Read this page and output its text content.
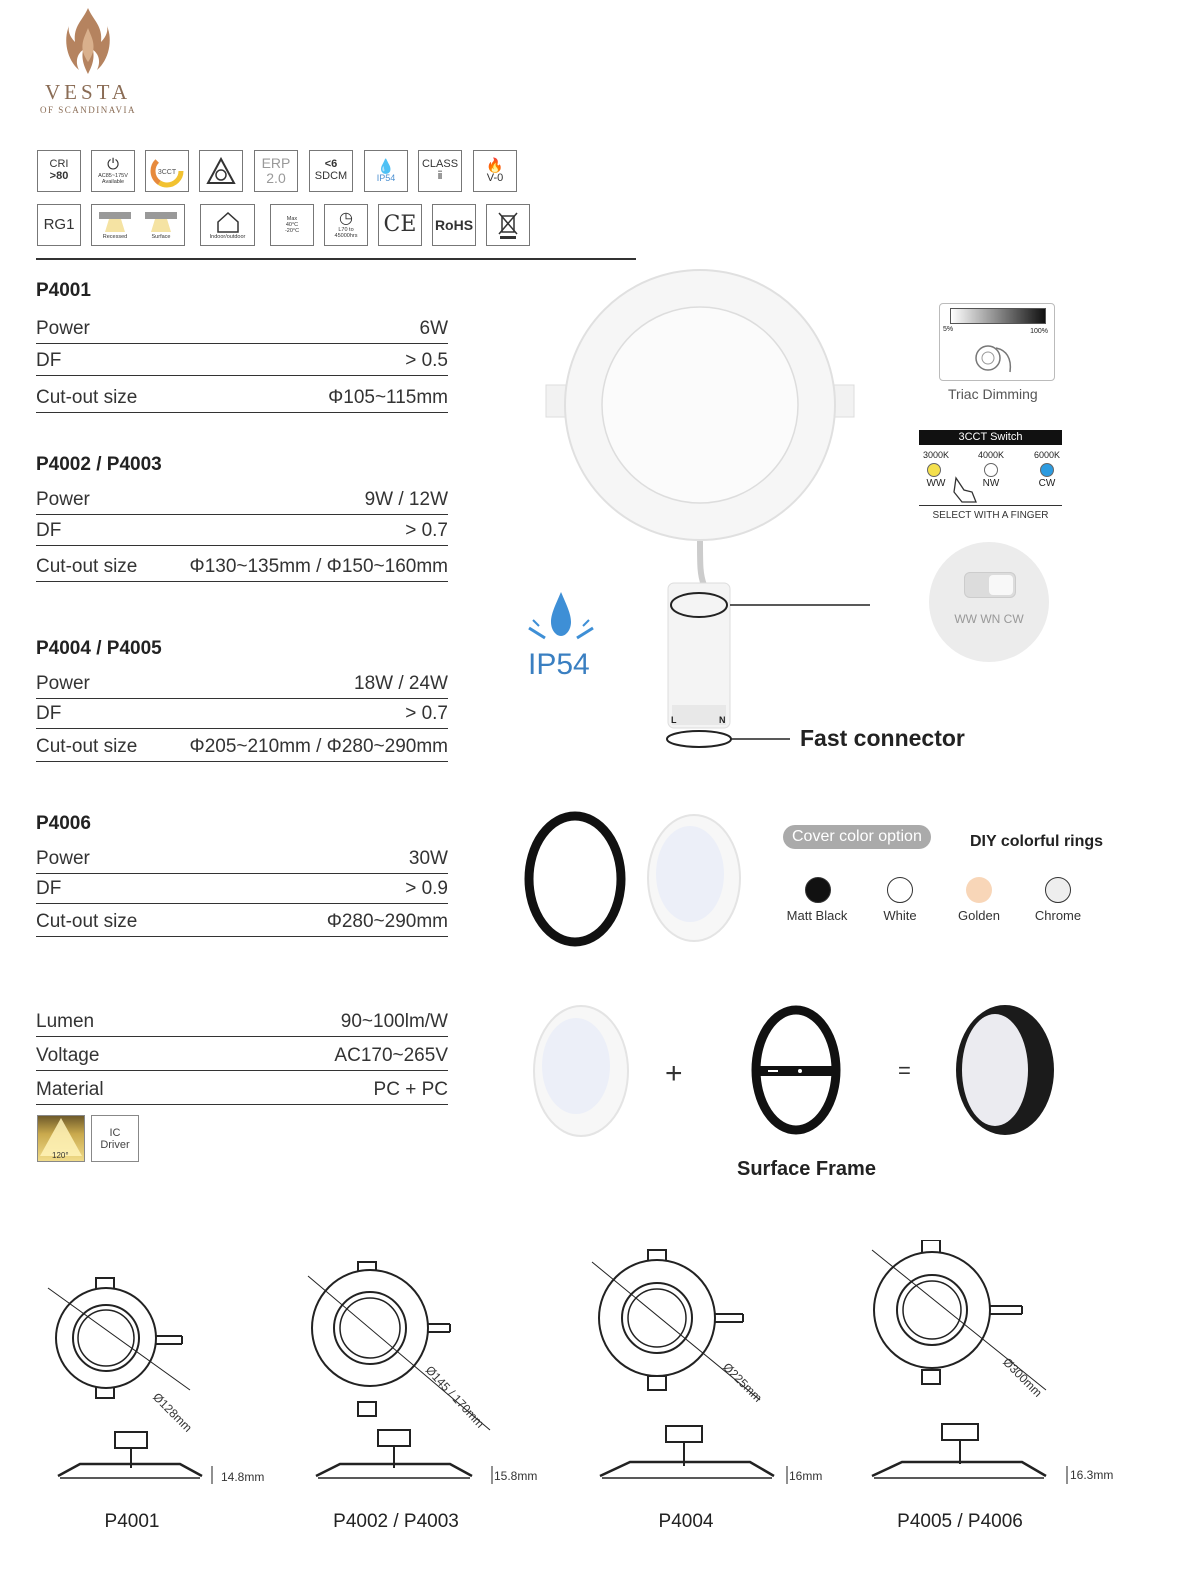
VESTA
OF SCANDINAVIA
CRI
>80
⏻
AC85~175V
Available
3CCT
ERP
2.0
<6
SDCM
💧
IP54
CLASS
ⅱ
🔥
V-0
RG1
Recessed	Surface	Indoor/outdoor
Max
40°C
-20°C
◷
L70 to
45000hrs CE RoHS
P4001
Power	6W
DF	> 0.5
Cut-out size	Φ105~115mm
P4002 / P4003
Power	9W / 12W
DF	> 0.7
Cut-out size	Φ130~135mm / Φ150~160mm
P4004 / P4005
Power	18W / 24W
DF	> 0.7
Cut-out size	Φ205~210mm / Φ280~290mm
P4006
Power	30W
DF	> 0.9
Cut-out size	Φ280~290mm
Lumen	90~100lm/W
Voltage	AC170~265V
Material	PC + PC
120°
IC
Driver
L	N
Fast connector
IP54
5%	100%
Triac Dimming
3CCT Switch
3000K	4000K	6000K
WW	NW	CW
SELECT WITH A FINGER
WW WN CW
Cover color option	DIY colorful rings
Matt Black	White	Golden	Chrome
+	=
Surface Frame
Ø128mm	Ø145 / 170mm	Ø225mm	Ø300mm
14.8mm	15.8mm	16mm	16.3mm
P4001	P4002 / P4003	P4004	P4005 / P4006
